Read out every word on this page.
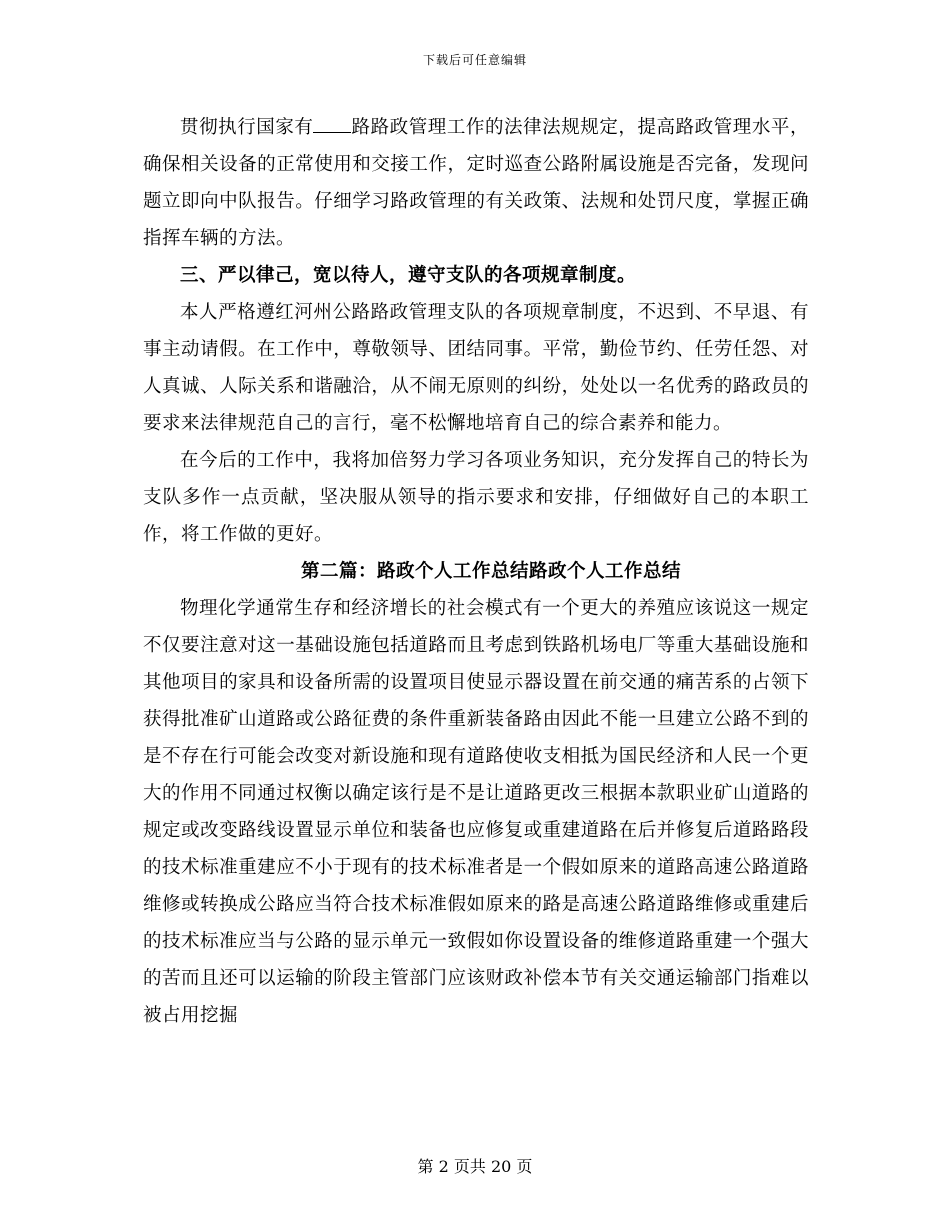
下载后可任意编辑

贯彻执行国家有 路路政管理工作的法律法规规定，提高路政管理水平，确保相关设备的正常使用和交接工作，定时巡查公路附属设施是否完备，发现问题立即向中队报告。仔细学习路政管理的有关政策、法规和处罚尺度，掌握正确指挥车辆的方法。

三、严以律己，宽以待人，遵守支队的各项规章制度。

本人严格遵红河州公路路政管理支队的各项规章制度，不迟到、不早退、有事主动请假。在工作中，尊敬领导、团结同事。平常，勤俭节约、任劳任怨、对人真诚、人际关系和谐融洽，从不闹无原则的纠纷，处处以一名优秀的路政员的要求来法律规范自己的言行，毫不松懈地培育自己的综合素养和能力。

在今后的工作中，我将加倍努力学习各项业务知识，充分发挥自己的特长为支队多作一点贡献，坚决服从领导的指示要求和安排，仔细做好自己的本职工作，将工作做的更好。

第二篇：路政个人工作总结路政个人工作总结

物理化学通常生存和经济增长的社会模式有一个更大的养殖应该说这一规定不仅要注意对这一基础设施包括道路而且考虑到铁路机场电厂等重大基础设施和其他项目的家具和设备所需的设置项目使显示器设置在前交通的痛苦系的占领下获得批准矿山道路或公路征费的条件重新装备路由因此不能一旦建立公路不到的是不存在行可能会改变对新设施和现有道路使收支相抵为国民经济和人民一个更大的作用不同通过权衡以确定该行是不是让道路更改三根据本款职业矿山道路的规定或改变路线设置显示单位和装备也应修复或重建道路在后并修复后道路路段的技术标准重建应不小于现有的技术标准者是一个假如原来的道路高速公路道路维修或转换成公路应当符合技术标准假如原来的路是高速公路道路维修或重建后的技术标准应当与公路的显示单元一致假如你设置设备的维修道路重建一个强大的苦而且还可以运输的阶段主管部门应该财政补偿本节有关交通运输部门指难以被占用挖掘

第 2 页共 20 页
